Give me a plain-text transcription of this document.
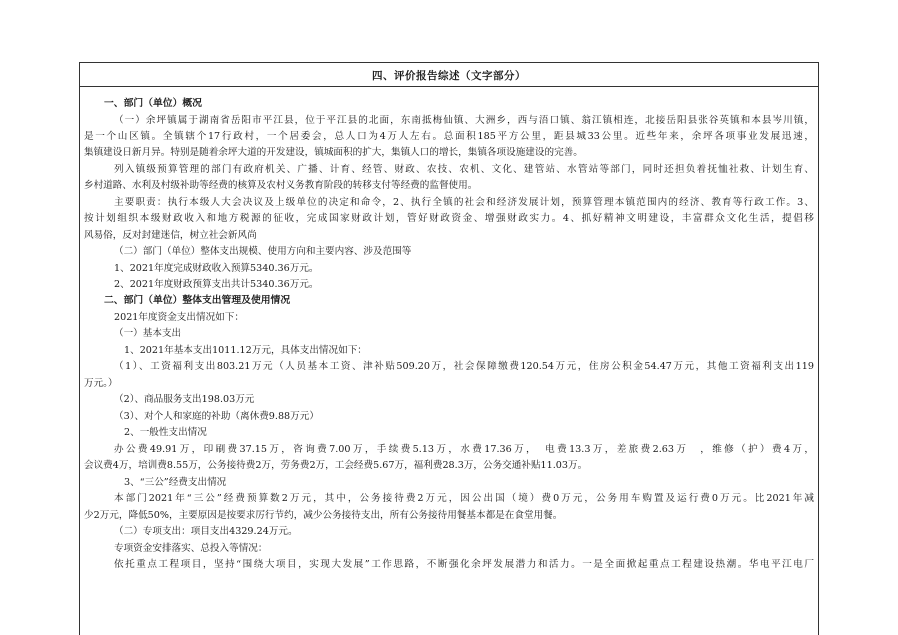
四、评价报告综述（文字部分）
一、部门（单位）概况
（一）余坪镇属于湖南省岳阳市平江县，位于平江县的北面，东南抵梅仙镇、大洲乡，西与浯口镇、翁江镇相连，北接岳阳县张谷英镇和本县岑川镇，
是一个山区镇。全镇辖个17行政村，一个居委会，总人口为4万人左右。总面积185平方公里，距县城33公里。近些年来，余坪各项事业发展迅速，
集镇建设日新月异。特别是随着余坪大道的开发建设，镇城面积的扩大，集镇人口的增长，集镇各项设施建设的完善。
列入镇级预算管理的部门有政府机关、广播、计育、经管、财政、农技、农机、文化、建管站、水管站等部门，同时还担负着抚恤社救、计划生育、
乡村道路、水利及村级补助等经费的核算及农村义务教育阶段的转移支付等经费的监督使用。
主要职责：执行本级人大会决议及上级单位的决定和命令，2、执行全镇的社会和经济发展计划，预算管理本镇范围内的经济、教育等行政工作。3、
按计划组织本级财政收入和地方税源的征收，完成国家财政计划，管好财政资金、增强财政实力。4、抓好精神文明建设，丰富群众文化生活，提倡移
风易俗，反对封建迷信，树立社会新风尚
（二）部门（单位）整体支出规模、使用方向和主要内容、涉及范围等
1、2021年度完成财政收入预算5340.36万元。
2、2021年度财政预算支出共计5340.36万元。
二、部门（单位）整体支出管理及使用情况
2021年度资金支出情况如下：
（一）基本支出
1、2021年基本支出1011.12万元，具体支出情况如下：
（1）、工资福利支出803.21万元（人员基本工资、津补贴509.20万，社会保障缴费120.54万元，住房公积金54.47万元，其他工资福利支出119
万元。）
（2）、商品服务支出198.03万元
（3）、对个人和家庭的补助（离休费9.88万元）
2、一般性支出情况
办公费49.91万，印刷费37.15万，咨询费7.00万，手续费5.13万，水费17.36万，　电费13.3万，差旅费2.63万　，维修（护）费4万，
会议费4万，培训费8.55万，公务接待费2万，劳务费2万，工会经费5.67万，福利费28.3万，公务交通补贴11.03万。
3、“三公”经费支出情况
本部门2021年“三公”经费预算数2万元，其中，公务接待费2万元，因公出国（境）费0万元，公务用车购置及运行费0万元。比2021年减
少2万元，降低50%，主要原因是按要求厉行节约，减少公务接待支出，所有公务接待用餐基本都是在食堂用餐。
（二）专项支出：项目支出4329.24万元。
专项资金安排落实、总投入等情况：
依托重点工程项目，坚持“围绕大项目，实现大发展”工作思路，不断强化余坪发展潜力和活力。一是全面掀起重点工程建设热潮。华电平江电厂
